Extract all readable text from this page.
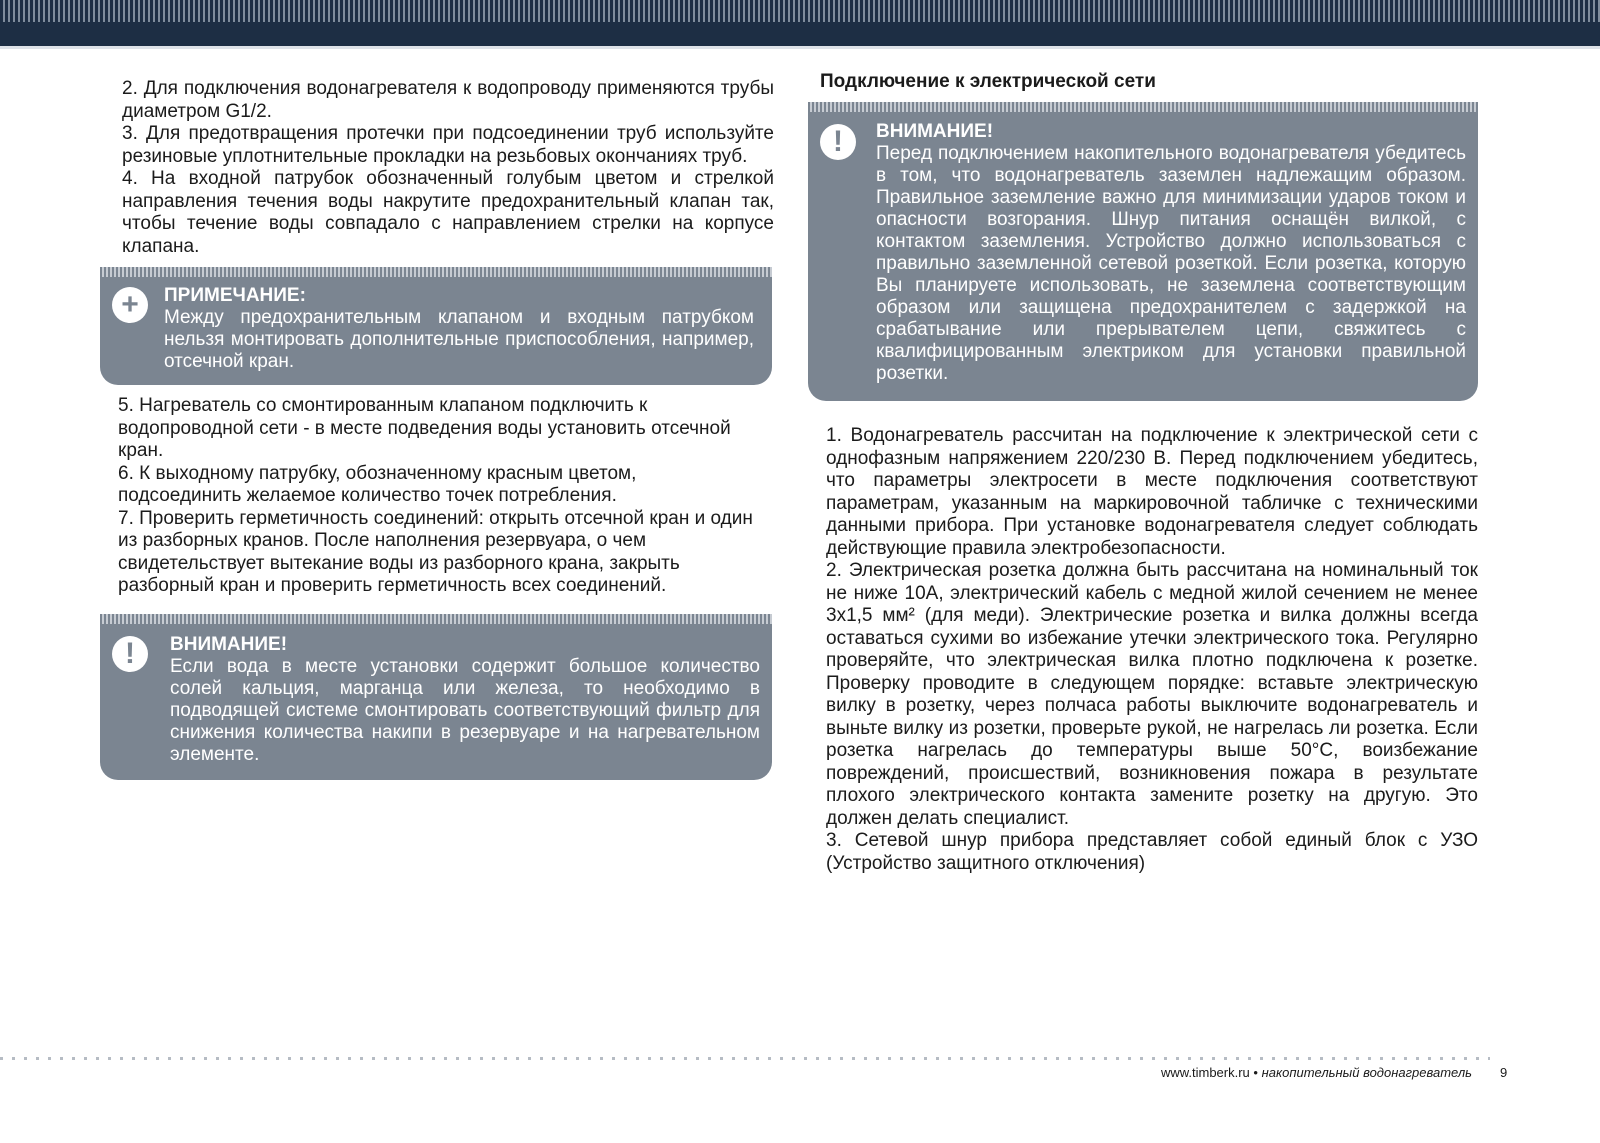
2. Для подключения водонагревателя к водопроводу применяются трубы диаметром G1/2.

3. Для предотвращения протечки при подсоединении труб используйте резиновые уплотнительные прокладки на резьбовых окончаниях труб.

4. На входной патрубок обозначенный голубым цветом и стрелкой направления течения воды накрутите предохранительный клапан так, чтобы течение воды совпадало с направлением стрелки на корпусе клапана.

+	ПРИМЕЧАНИЕ:

Между предохранительным клапаном и входным патрубком нельзя монтировать дополнительные приспособления, например, отсечной кран.

5. Нагреватель со смонтированным клапаном подключить к водопроводной сети - в месте подведения воды установить отсечной кран.

6. К выходному патрубку, обозначенному красным цветом, подсоединить желаемое количество точек потребления.

7. Проверить герметичность соединений: открыть отсечной кран и один из разборных кранов. После наполнения резервуара, о чем свидетельствует вытекание воды из разборного крана, закрыть разборный кран и проверить герметичность всех соединений.

!	ВНИМАНИЕ!

Если вода в месте установки содержит большое количество солей кальция, марганца или железа, то необходимо в подводящей системе смонтировать соответствующий фильтр для снижения количества накипи в резервуаре и на нагревательном элементе.

Подключение к электрической сети

!	ВНИМАНИЕ!

Перед подключением накопительного водонагревателя убедитесь в том, что водонагреватель заземлен надлежащим образом. Правильное заземление важно для минимизации ударов током и опасности возгорания. Шнур питания оснащён вилкой, с контактом заземления. Устройство должно использоваться с правильно заземленной сетевой розеткой. Если розетка, которую Вы планируете использовать, не заземлена соответствующим образом или защищена предохранителем с задержкой на срабатывание или прерывателем цепи, свяжитесь с квалифицированным электриком для установки правильной розетки.

1. Водонагреватель рассчитан на подключение к электрической сети с однофазным напряжением 220/230 В. Перед подключением убедитесь, что параметры электросети в месте подключения соответствуют параметрам, указанным на маркировочной табличке с техническими данными прибора. При установке водонагревателя следует соблюдать действующие правила электробезопасности.

2. Электрическая розетка должна быть рассчитана на номинальный ток не ниже 10А, электрический кабель с медной жилой сечением не менее 3х1,5 мм² (для меди). Электрические розетка и вилка должны всегда оставаться сухими во избежание утечки электрического тока. Регулярно проверяйте, что электрическая вилка плотно подключена к розетке. Проверку проводите в следующем порядке: вставьте электрическую вилку в розетку, через полчаса работы выключите водонагреватель и выньте вилку из розетки, проверьте рукой, не нагрелась ли розетка. Если розетка нагрелась до температуры выше 50°С, воизбежание повреждений, происшествий, возникновения пожара в результате плохого электрического контакта замените розетку на другую. Это должен делать специалист.

3. Сетевой шнур прибора представляет собой единый блок с УЗО (Устройство защитного отключения)

www.timberk.ru • накопительный водонагреватель 9
